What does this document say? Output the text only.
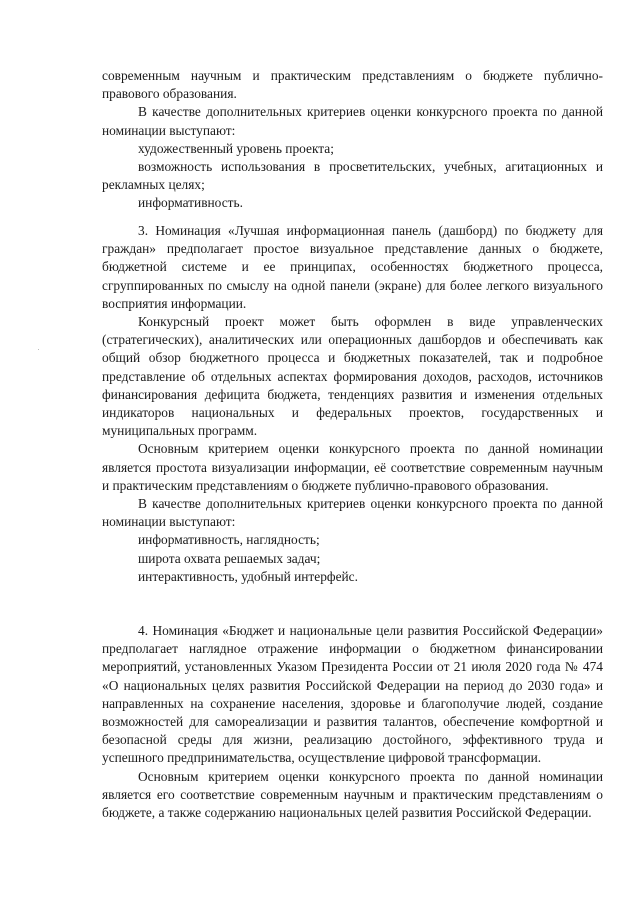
современным научным и практическим представлениям о бюджете публично-правового образования.

В качестве дополнительных критериев оценки конкурсного проекта по данной номинации выступают:

художественный уровень проекта;

возможность использования в просветительских, учебных, агитационных и рекламных целях;

информативность.

3. Номинация «Лучшая информационная панель (дашборд) по бюджету для граждан» предполагает простое визуальное представление данных о бюджете, бюджетной системе и ее принципах, особенностях бюджетного процесса, сгруппированных по смыслу на одной панели (экране) для более легкого визуального восприятия информации.

Конкурсный проект может быть оформлен в виде управленческих (стратегических), аналитических или операционных дашбордов и обеспечивать как общий обзор бюджетного процесса и бюджетных показателей, так и подробное представление об отдельных аспектах формирования доходов, расходов, источников финансирования дефицита бюджета, тенденциях развития и изменения отдельных индикаторов национальных и федеральных проектов, государственных и муниципальных программ.

Основным критерием оценки конкурсного проекта по данной номинации является простота визуализации информации, её соответствие современным научным и практическим представлениям о бюджете публично-правового образования.

В качестве дополнительных критериев оценки конкурсного проекта по данной номинации выступают:

информативность, наглядность;

широта охвата решаемых задач;

интерактивность, удобный интерфейс.

4. Номинация «Бюджет и национальные цели развития Российской Федерации» предполагает наглядное отражение информации о бюджетном финансировании мероприятий, установленных Указом Президента России от 21 июля 2020 года № 474 «О национальных целях развития Российской Федерации на период до 2030 года» и направленных на сохранение населения, здоровье и благополучие людей, создание возможностей для самореализации и развития талантов, обеспечение комфортной и безопасной среды для жизни, реализацию достойного, эффективного труда и успешного предпринимательства, осуществление цифровой трансформации.

Основным критерием оценки конкурсного проекта по данной номинации является его соответствие современным научным и практическим представлениям о бюджете, а также содержанию национальных целей развития Российской Федерации.
